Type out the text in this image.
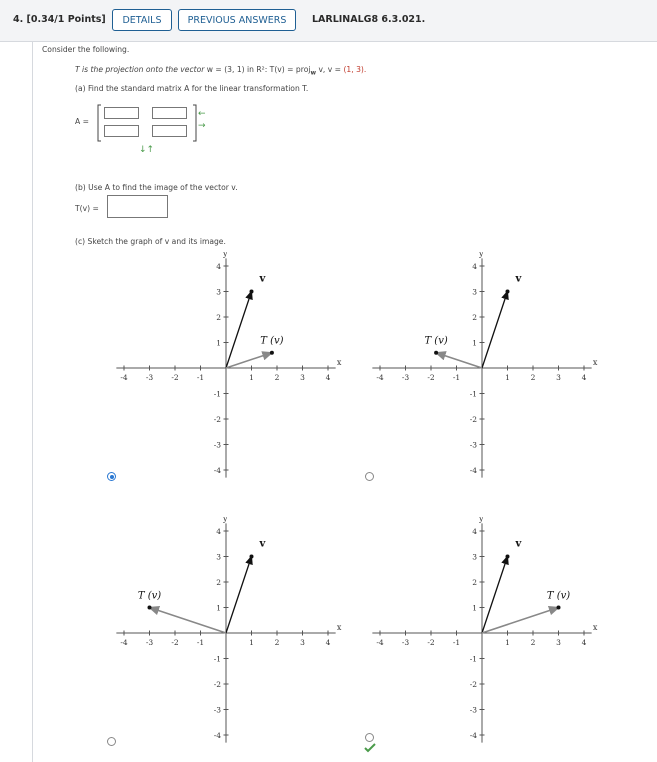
4. [0.34/1 Points]	DETAILS	PREVIOUS ANSWERS	LARLINALG8 6.3.021.
Consider the following.
T is the projection onto the vector w = (3, 1) in R²: T(v) = proj$_w$ v, v = (1, 3).
(a) Find the standard matrix A for the linear transformation T.
A =
←
→
↓↑
(b) Use A to find the image of the vector v.
T(v) =
(c) Sketch the graph of v and its image.
x
y
-4
-4
-3
-3
-2
-2
-1
-1
1
1
2
2
3
3
4
4
v
T (v)
x
y
-4
-4
-3
-3
-2
-2
-1
-1
1
1
2
2
3
3
4
4
v
T (v)
x
y
-4
-4
-3
-3
-2
-2
-1
-1
1
1
2
2
3
3
4
4
v
T (v)
x
y
-4
-4
-3
-3
-2
-2
-1
-1
1
1
2
2
3
3
4
4
v
T (v)
